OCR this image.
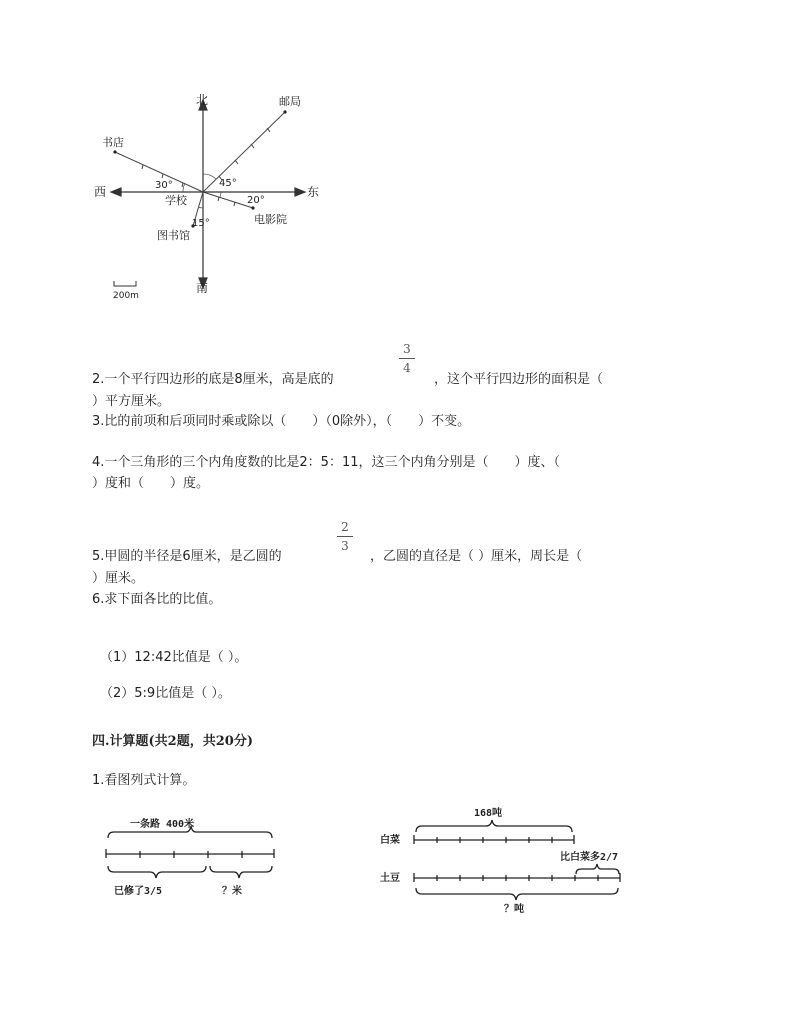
北
南
东
西
邮局
书店
学校
电影院
图书馆
30°	45°
20°
15°
200m
3
4
2.一个平行四边形的底是8厘米，高是底的	，这个平行四边形的面积是（
）平方厘米。
3.比的前项和后项同时乘或除以（　　）（0除外），（　　）不变。
4.一个三角形的三个内角度数的比是2：5：11，这三个内角分别是（　　）度、（
）度和（　　）度。
2
3
5.甲圆的半径是6厘米，是乙圆的	，乙圆的直径是（ ）厘米，周长是（
）厘米。
6.求下面各比的比值。
（1）12:42比值是（ ）。
（2）5:9比值是（ ）。
四.计算题(共2题，共20分)
1.看图列式计算。
一条路 400米
已修了3/5	？米
168吨
白菜
土豆
比白菜多2/7
？吨
